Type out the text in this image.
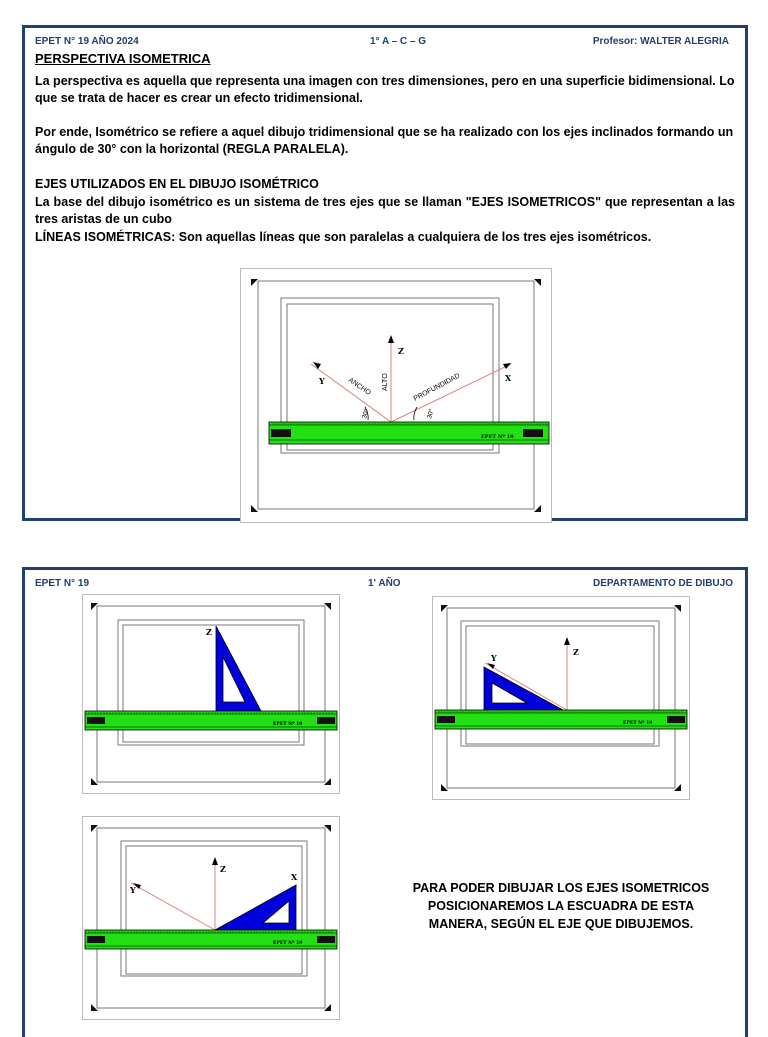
EPET N° 19 AÑO 2024	1° A – C – G	Profesor: WALTER ALEGRIA
PERSPECTIVA ISOMETRICA

La perspectiva es aquella que representa una imagen con tres dimensiones, pero en una superficie bidimensional. Lo que se trata de hacer es crear un efecto tridimensional.

Por ende, Isométrico se refiere a aquel dibujo tridimensional que se ha realizado con los ejes inclinados formando un ángulo de 30° con la horizontal (REGLA PARALELA).

EJES UTILIZADOS EN EL DIBUJO ISOMÉTRICO

La base del dibujo isométrico es un sistema de tres ejes que se llaman "EJES ISOMETRICOS" que representan a las tres aristas de un cubo

LÍNEAS ISOMÉTRICAS: Son aquellas líneas que son paralelas a cualquiera de los tres ejes isométricos.

Z
Y	X
ANCHO ALTO	PROFUNDIDAD
30°	30°
EPET Nº 19
EPET N° 19	1' AÑO	DEPARTAMENTO DE DIBUJO
Z
EPET Nº 19
Z
Y
EPET Nº 19
Z
Y
X
EPET Nº 19
PARA PODER DIBUJAR LOS EJES ISOMETRICOS POSICIONAREMOS LA ESCUADRA DE ESTA MANERA, SEGÚN EL EJE QUE DIBUJEMOS.
